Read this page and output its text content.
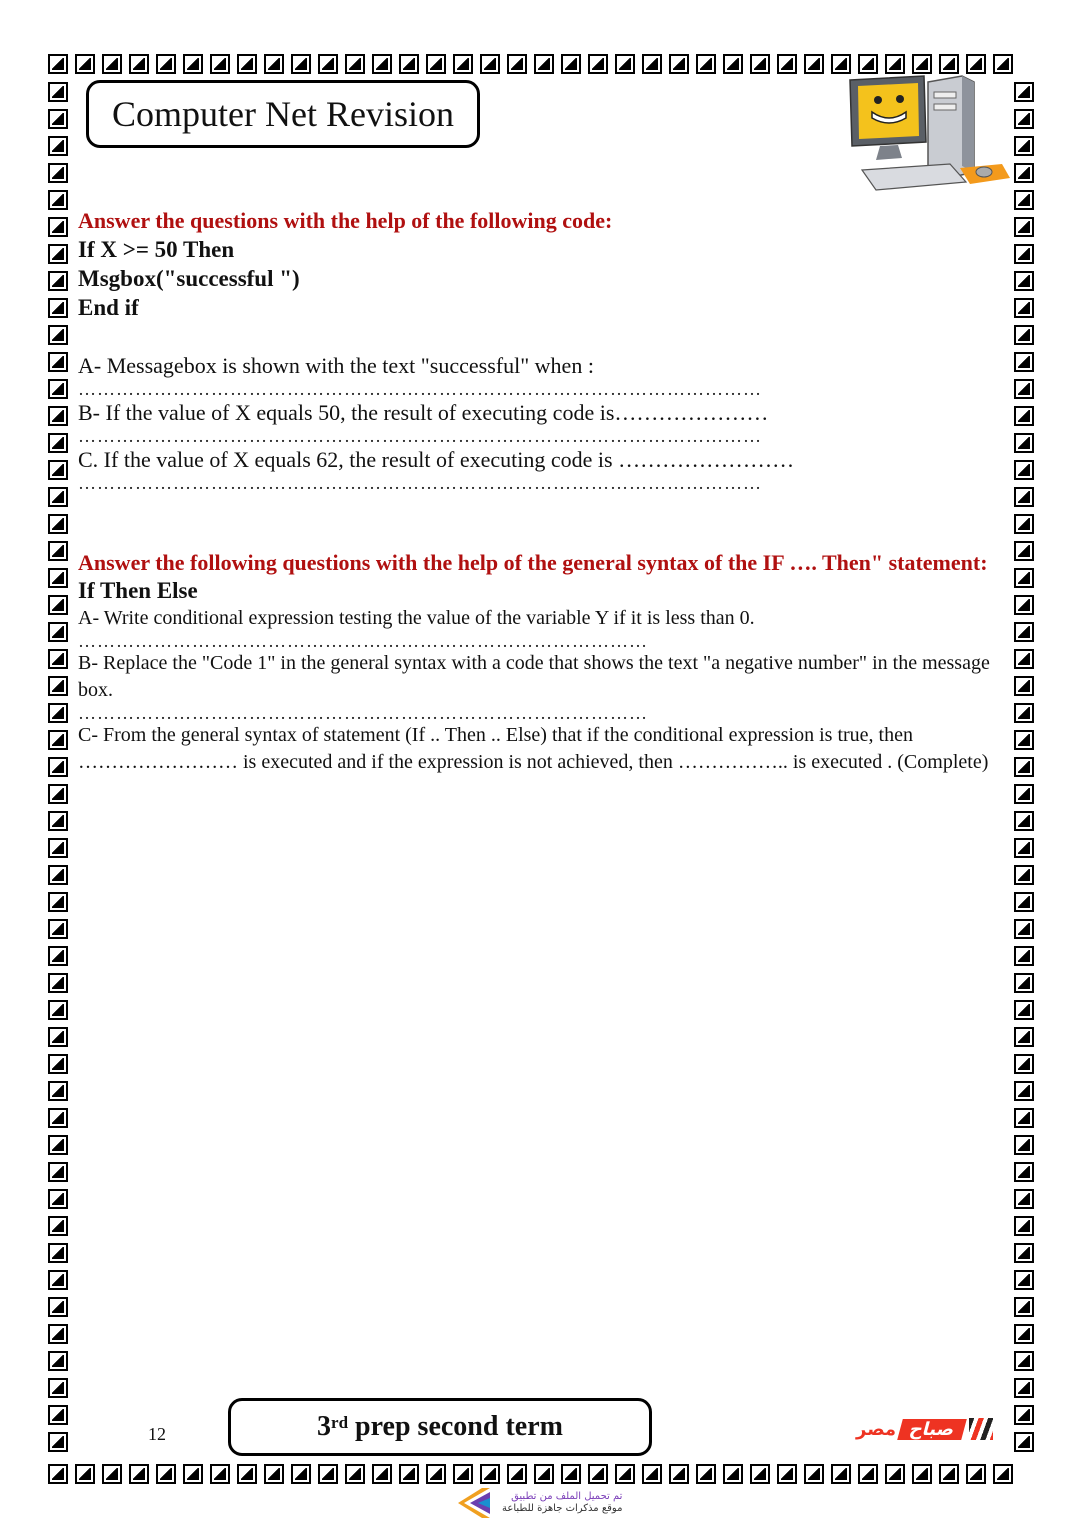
Computer Net Revision
Answer the questions with the help of the following code:
If X >= 50 Then
Msgbox("successful ")
End if
A- Messagebox is shown with the text "successful" when :
………………………………………………………………………………………………
B- If the value of X equals 50, the result of executing code is…………………
………………………………………………………………………………………………
C. If the value of X equals 62, the result of executing code is ……………………
………………………………………………………………………………………………
Answer the following questions with the help of the general syntax of the IF …. Then" statement:
If Then Else
A- Write conditional expression testing the value of the variable Y if it is less than 0.
………………………………………………………………………………
B- Replace the "Code 1" in the general syntax with a code that shows the text "a negative number" in the message box.
………………………………………………………………………………
C- From the general syntax of statement (If .. Then .. Else) that if the conditional expression is true, then …………………… is executed and if the expression is not achieved, then …………….. is executed . (Complete)
12	3rd prep second term	مصر صباح
تم تحميل الملف من تطبيق
موقع مذكرات جاهزة للطباعة
